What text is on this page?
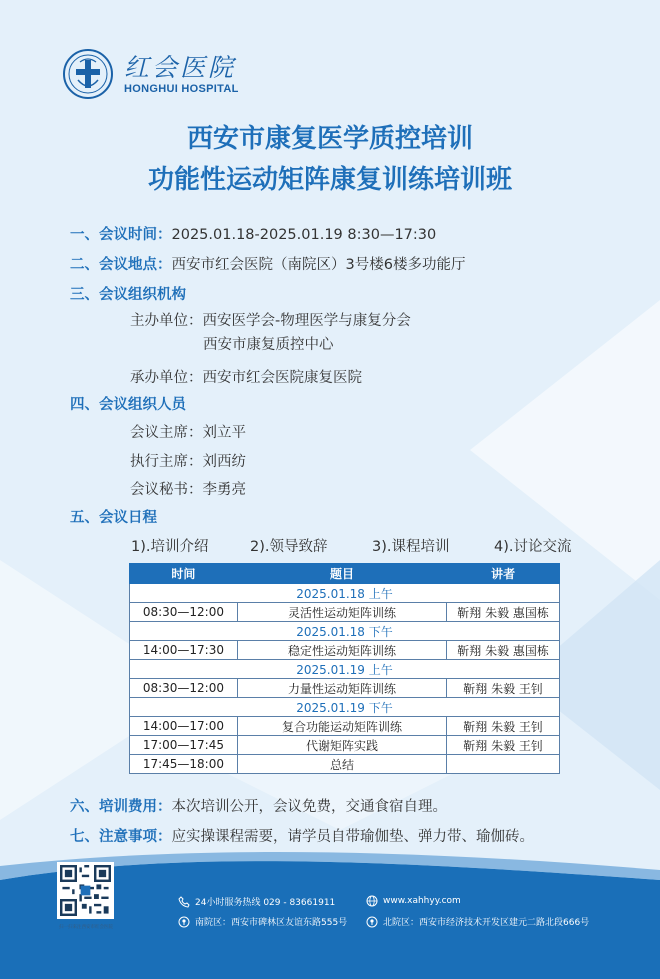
红会医院
HONGHUI HOSPITAL
西安市康复医学质控培训
功能性运动矩阵康复训练培训班
一、会议时间：2025.01.18-2025.01.19 8:30—17:30
二、会议地点：西安市红会医院（南院区）3号楼6楼多功能厅
三、会议组织机构
主办单位：西安医学会-物理医学与康复分会
西安市康复质控中心
承办单位：西安市红会医院康复医院
四、会议组织人员
会议主席：刘立平
执行主席：刘西纺
会议秘书：李勇亮
五、会议日程
1).培训介绍	2).领导致辞	3).课程培训	4).讨论交流
时间	题目	讲者
2025.01.18 上午		
08:30—12:00	灵活性运动矩阵训练	靳翔 朱毅 惠国栋
2025.01.18 下午		
14:00—17:30	稳定性运动矩阵训练	靳翔 朱毅 惠国栋
2025.01.19 上午		
08:30—12:00	力量性运动矩阵训练	靳翔 朱毅 王钊
2025.01.19 下午		
14:00—17:00	复合功能运动矩阵训练	靳翔 朱毅 王钊
17:00—17:45	代谢矩阵实践	靳翔 朱毅 王钊
17:45—18:00	总结	
六、培训费用：本次培训公开，会议免费，交通食宿自理。
七、注意事项：应实操课程需要，请学员自带瑜伽垫、弹力带、瑜伽砖。
扫一扫来注西安市红会医院
24小时服务热线 029 - 83661911	www.xahhyy.com
南院区：西安市碑林区友谊东路555号	北院区：西安市经济技术开发区建元二路北段666号
